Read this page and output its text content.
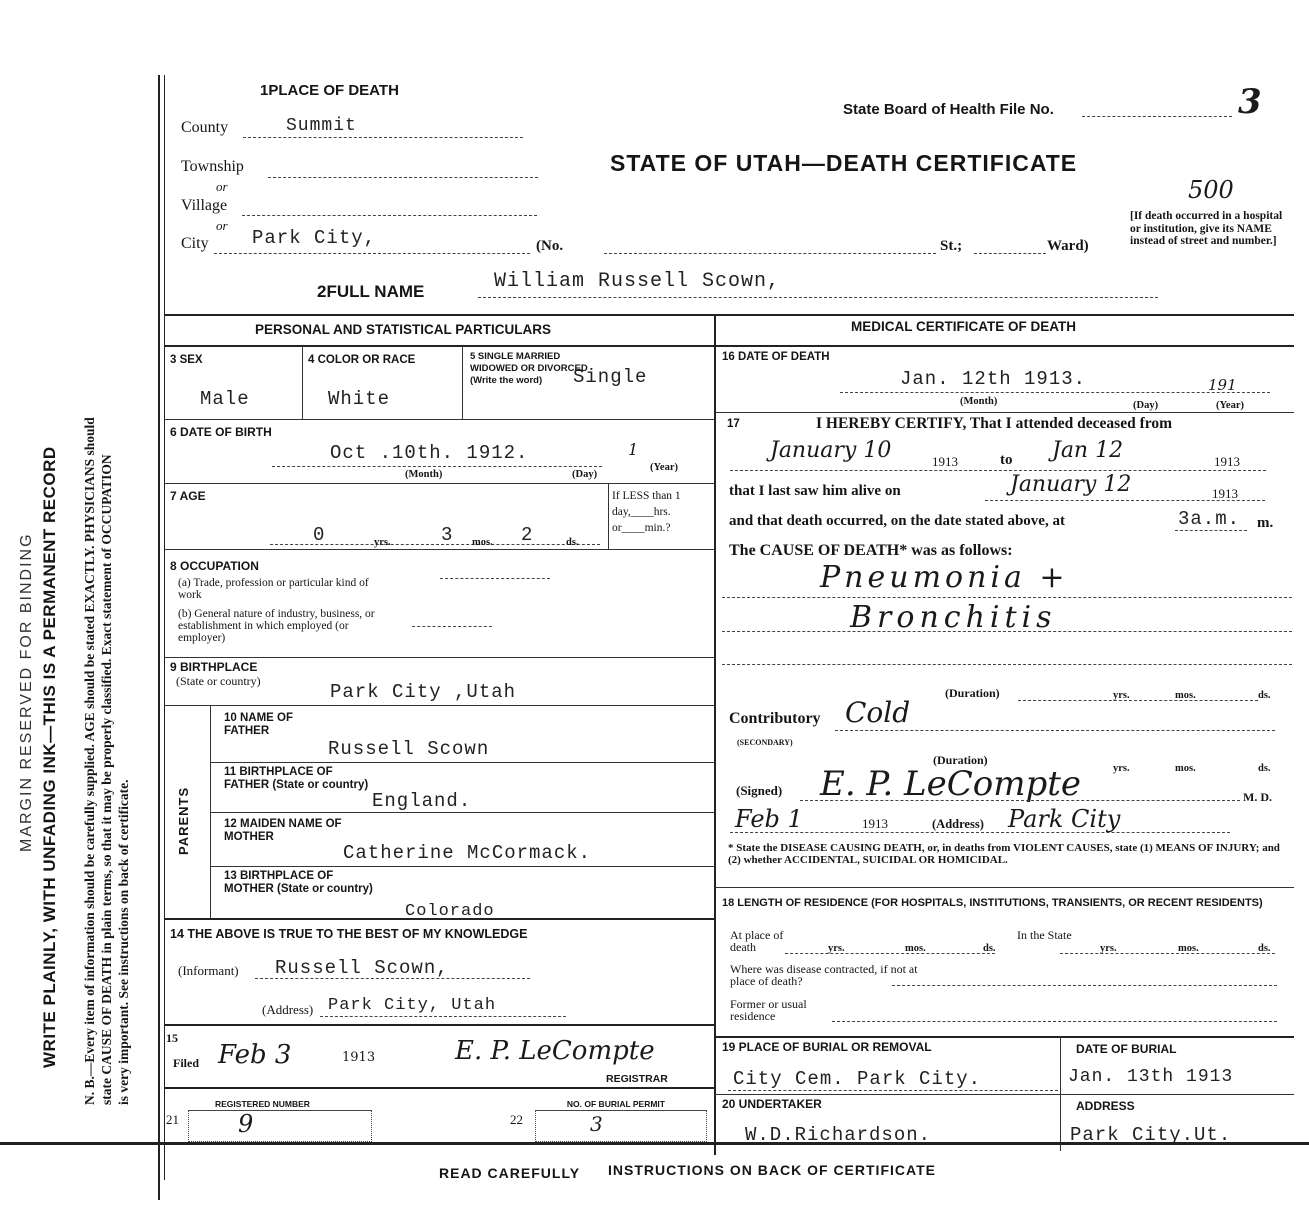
MARGIN RESERVED FOR BINDING WRITE PLAINLY, WITH UNFADING INK—THIS IS A PERMANENT RECORD N. B.—Every item of information should be carefully supplied. AGE should be stated EXACTLY. PHYSICIANS should state CAUSE OF DEATH in plain terms, so that it may be properly classified. Exact statement of OCCUPATION is very important. See instructions on back of certificate.
1PLACE OF DEATH
State Board of Health File No.	3
STATE OF UTAH—DEATH CERTIFICATE
500
[If death occurred in a hospital or institution, give its NAME instead of street and number.]
County	Summit
Township
or
Village
or
City Park City,	(No.	St.;	Ward)
2FULL NAME	William Russell Scown,
PERSONAL AND STATISTICAL PARTICULARS	MEDICAL CERTIFICATE OF DEATH
3 SEX
Male
4 COLOR OR RACE
White
5 SINGLE MARRIED WIDOWED OR DIVORCED (Write the word)	Single
6 DATE OF BIRTH
Oct .10th. 1912.	1
(Month)	(Day)
(Year)
7 AGE
0	yrs.	3 mos. 2	ds.
If LESS than 1 day,____hrs. or____min.?
8 OCCUPATION
(a) Trade, profession or particular kind of work
(b) General nature of industry, business, or establishment in which employed (or employer)
9 BIRTHPLACE
(State or country)	Park City ,Utah
PARENTS
10 NAME OF FATHER
Russell Scown
11 BIRTHPLACE OF FATHER (State or country)
England.
12 MAIDEN NAME OF MOTHER
Catherine McCormack.
13 BIRTHPLACE OF MOTHER (State or country)
Colorado
14 THE ABOVE IS TRUE TO THE BEST OF MY KNOWLEDGE
(Informant) Russell Scown,
(Address) Park City, Utah
15
Filed Feb 3	1913	E. P. LeCompte
REGISTRAR
REGISTERED NUMBER
21 9
NO. OF BURIAL PERMIT
22	3
16 DATE OF DEATH
Jan. 12th 1913.	191
(Month)	(Day)	(Year)
17	I HEREBY CERTIFY, That I attended deceased from
January 10	1913	to Jan 12	1913
that I last saw him alive on	January 12	1913
and that death occurred, on the date stated above, at	3a.m. m.
The CAUSE OF DEATH* was as follows:
Pneumonia +
Bronchitis
(Duration)	yrs.	mos.	ds.
Contributory
(SECONDARY)
Cold
(Duration)
yrs.	mos.	ds.
(Signed) E. P. LeCompte	M. D.
Feb 1	1913	(Address) Park City
* State the DISEASE CAUSING DEATH, or, in deaths from VIOLENT CAUSES, state (1) MEANS OF INJURY; and (2) whether ACCIDENTAL, SUICIDAL OR HOMICIDAL.
18 LENGTH OF RESIDENCE (FOR HOSPITALS, INSTITUTIONS, TRANSIENTS, OR RECENT RESIDENTS)
At place of death	yrs.	mos.	ds.
In the State
yrs.	mos.	ds.
Where was disease contracted, if not at place of death?
Former or usual residence
19 PLACE OF BURIAL OR REMOVAL
City Cem. Park City.
DATE OF BURIAL
Jan. 13th 1913
20 UNDERTAKER
W.D.Richardson.
ADDRESS
Park City.Ut.
READ CAREFULLY INSTRUCTIONS ON BACK OF CERTIFICATE
